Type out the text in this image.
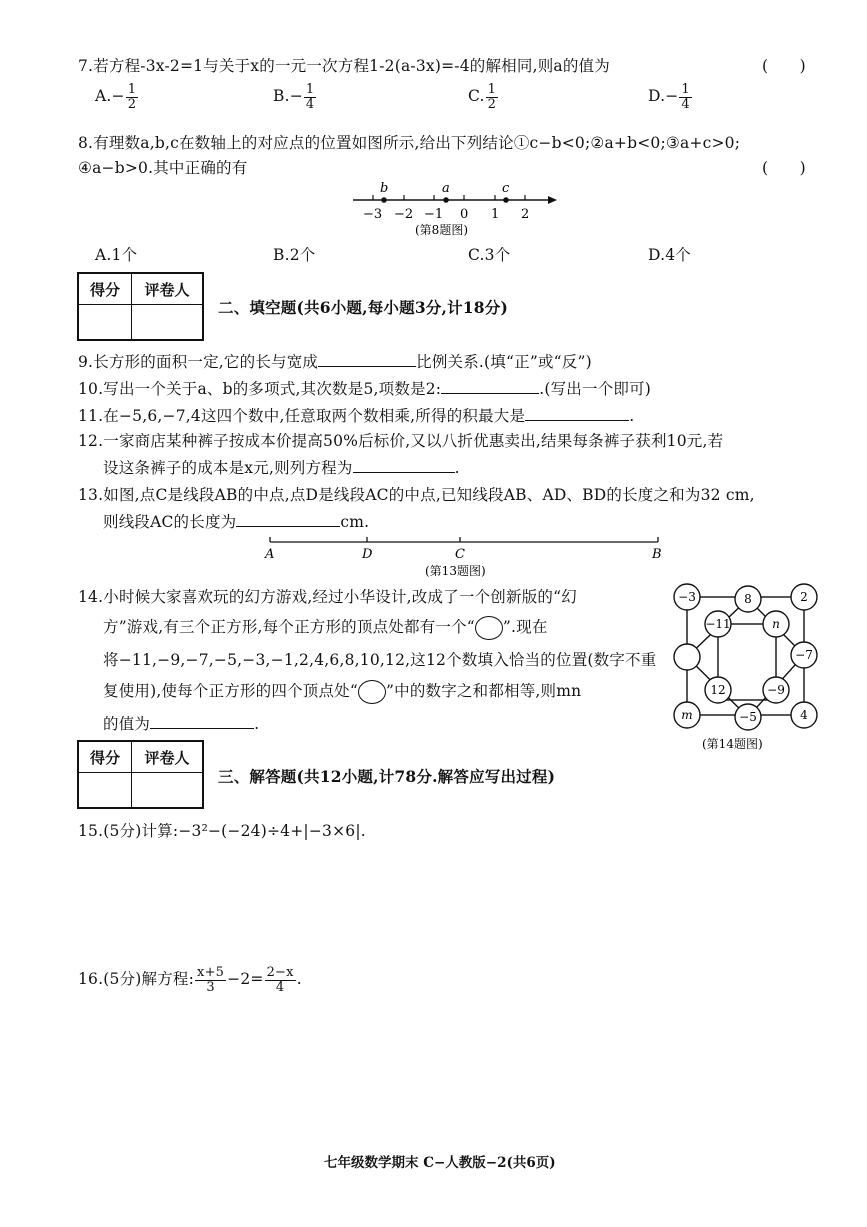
7.若方程-3x-2=1与关于x的一元一次方程1-2(a-3x)=-4的解相同,则a的值为	(　　)
$A.- \frac{1}{2}$	$B.- \frac{1}{4}$	C. $\frac{1}{2}$	$D.- \frac{1}{4}$
8.有理数a,b,c在数轴上的对应点的位置如图所示,给出下列结论①c−b<0;②a+b<0;③a+c>0;
④a−b>0.其中正确的有	(　　)
b	a	c
−3 −2 −1 0 1 2
(第8题图)
A.1个	B.2个	C.3个	D.4个
得分	评卷人

二、填空题(共6小题,每小题3分,计18分)
9.长方形的面积一定,它的长与宽成	比例关系.(填“正”或“反”)
10.写出一个关于a、b的多项式,其次数是5,项数是2:	.(写出一个即可)
11.在−5,6,−7,4这四个数中,任意取两个数相乘,所得的积最大是	.
12.一家商店某种裤子按成本价提高50%后标价,又以八折优惠卖出,结果每条裤子获利10元,若
设这条裤子的成本是x元,则列方程为	.
13.如图,点C是线段AB的中点,点D是线段AC的中点,已知线段AB、AD、BD的长度之和为32 cm,
则线段AC的长度为	cm.
A	D	C	B
(第13题图)
14.小时候大家喜欢玩的幻方游戏,经过小华设计,改成了一个创新版的“幻
方”游戏,有三个正方形,每个正方形的顶点处都有一个“ ”.现在
将−11,−9,−7,−5,−3,−1,2,4,6,8,10,12,这12个数填入恰当的位置(数字不重
复使用),使每个正方形的四个顶点处“ ”中的数字之和都相等,则mn
的值为	.
−3	8	2
−7
4
−5
m
−11	n
−9
12
(第14题图)
得分	评卷人

三、解答题(共12小题,计78分.解答应写出过程)
15.(5分)计算:−3²−(−24)÷4+|−3×6|.
16.(5分)解方程: $\frac{x+5}{3} -2= \frac{2-x}{4}$ .
七年级数学期末 C−人教版−2(共6页)
